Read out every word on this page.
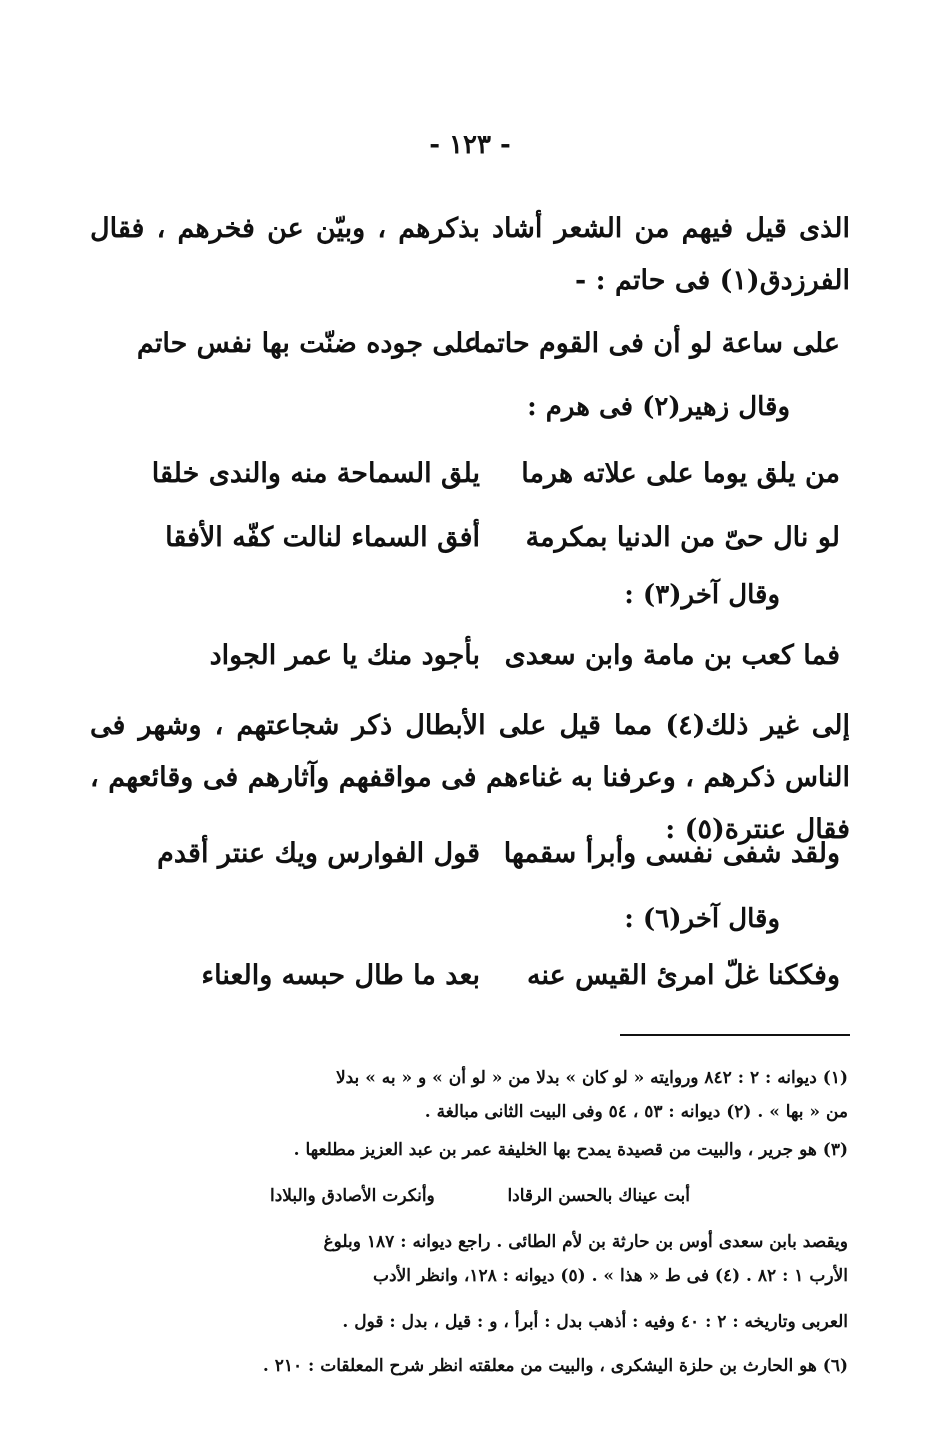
- ١٢٣ -

الذى قيل فيهم من الشعر أشاد بذكرهم ، وبيّن عن فخرهم ، فقال الفرزدق(١) فى حاتم : -

على ساعة لو أن فى القوم حاتما
على جوده ضنّت بها نفس حاتم
وقال زهير(٢) فى هرم :
من يلق يوما على علاته هرما
يلق السماحة منه والندى خلقا
لو نال حىّ من الدنيا بمكرمة
أفق السماء لنالت كفّه الأفقا
وقال آخر(٣) :
فما كعب بن مامة وابن سعدى
بأجود منك يا عمر الجواد

إلى غير ذلك(٤) مما قيل على الأبطال ذكر شجاعتهم ، وشهر فى الناس ذكرهم ، وعرفنا به غناءهم فى مواقفهم وآثارهم فى وقائعهم ، فقال عنترة(٥) :

ولقد شفى نفسى وأبرأ سقمها
قول الفوارس ويك عنتر أقدم
وقال آخر(٦) :
وفككنا غلّ امرئ القيس عنه
بعد ما طال حبسه والعناء
(١) ديوانه : ٢ : ٨٤٢ وروايته « لو كان » بدلا من « لو أن » و « به » بدلا
من « بها » . (٢) ديوانه : ٥٣ ، ٥٤ وفى البيت الثانى مبالغة .
(٣) هو جرير ، والبيت من قصيدة يمدح بها الخليفة عمر بن عبد العزيز مطلعها .
أبت عيناك بالحسن الرقادا
وأنكرت الأصادق والبلادا
ويقصد بابن سعدى أوس بن حارثة بن لأم الطائى . راجع ديوانه : ١٨٧ وبلوغ
الأرب ١ : ٨٢ . (٤) فى ط « هذا » . (٥) ديوانه : ١٢٨، وانظر الأدب
العربى وتاريخه : ٢ : ٤٠ وفيه : أذهب بدل : أبرأ ، و : قيل ، بدل : قول .
(٦) هو الحارث بن حلزة اليشكرى ، والبيت من معلقته انظر شرح المعلقات : ٢١٠ .
